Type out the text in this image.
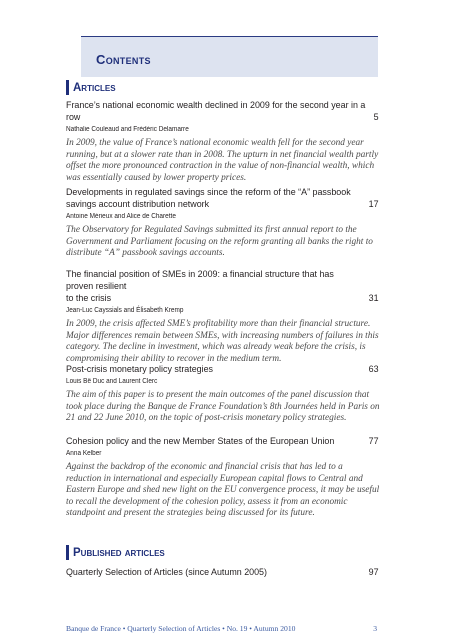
Contents
Articles
France’s national economic wealth declined in 2009 for the second year in a row	5
Nathalie Couleaud and Frédéric Delamarre
In 2009, the value of France’s national economic wealth fell for the second year running, but at a slower rate than in 2008. The upturn in net financial wealth partly offset the more pronounced contraction in the value of non-financial wealth, which was essentially caused by lower property prices.
Developments in regulated savings since the reform of the “A” passbook
savings account distribution network	17
Antoine Mérieux and Alice de Charette
The Observatory for Regulated Savings submitted its first annual report to the Government and Parliament focusing on the reform granting all banks the right to distribute “A” passbook savings accounts.
The financial position of SMEs in 2009: a financial structure that has proven resilient
to the crisis	31
Jean-Luc Cayssials and Élisabeth Kremp
In 2009, the crisis affected SME’s profitability more than their financial structure. Major differences remain between SMEs, with increasing numbers of failures in this category. The decline in investment, which was already weak before the crisis, is compromising their ability to recover in the medium term.
Post-crisis monetary policy strategies	63
Louis Bê Duc and Laurent Clerc
The aim of this paper is to present the main outcomes of the panel discussion that took place during the Banque de France Foundation’s 8th Journées held in Paris on 21 and 22 June 2010, on the topic of post-crisis monetary policy strategies.
Cohesion policy and the new Member States of the European Union	77
Anna Kelber
Against the backdrop of the economic and financial crisis that has led to a reduction in international and especially European capital flows to Central and Eastern Europe and shed new light on the EU convergence process, it may be useful to recall the development of the cohesion policy, assess it from an economic standpoint and present the strategies being discussed for its future.
Published articles
Quarterly Selection of Articles (since Autumn 2005)	97
Banque de France • Quarterly Selection of Articles • No. 19 • Autumn 2010	3
